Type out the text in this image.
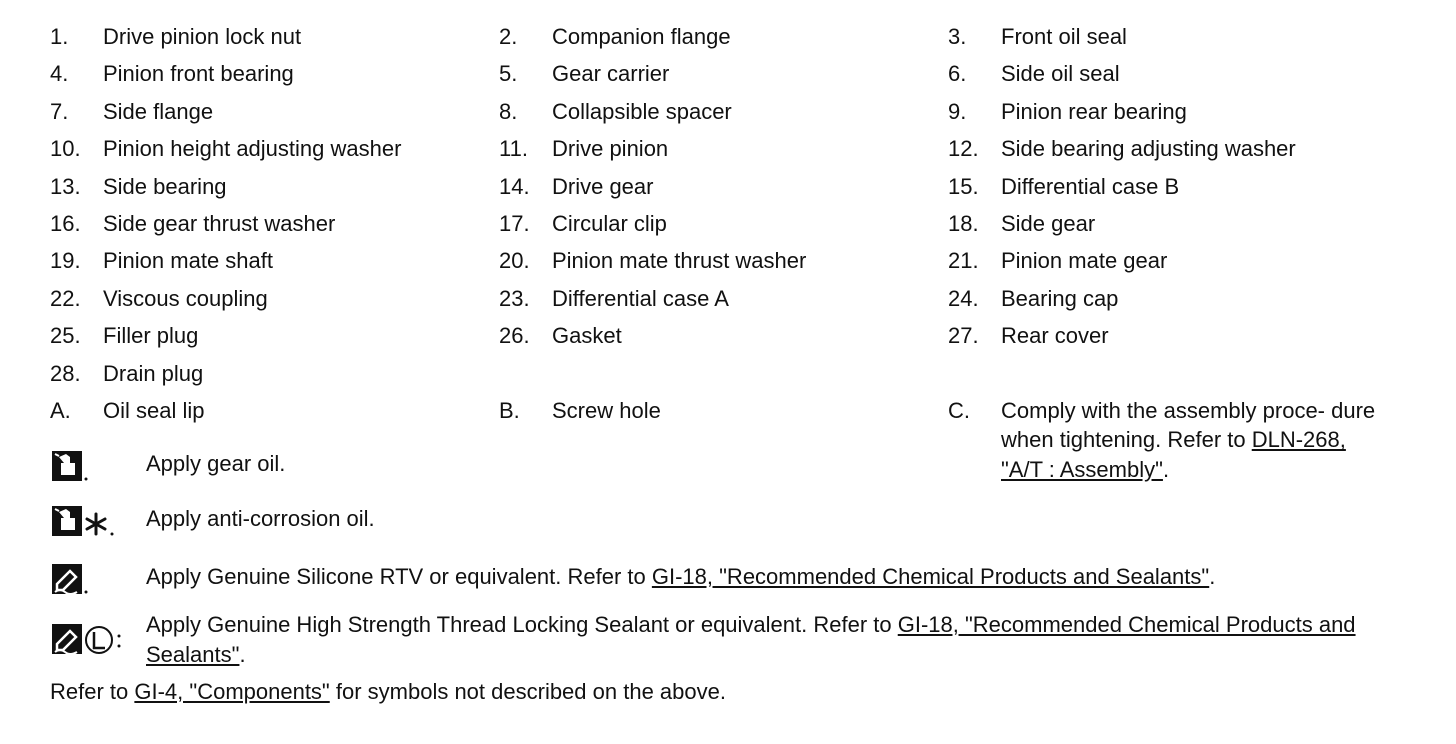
1. Drive pinion lock nut	2. Companion flange	3. Front oil seal
4. Pinion front bearing	5. Gear carrier	6. Side oil seal
7. Side flange	8. Collapsible spacer	9. Pinion rear bearing
10. Pinion height adjusting washer	11. Drive pinion	12. Side bearing adjusting washer
13. Side bearing	14. Drive gear	15. Differential case B
16. Side gear thrust washer	17. Circular clip	18. Side gear
19. Pinion mate shaft	20. Pinion mate thrust washer	21. Pinion mate gear
22. Viscous coupling	23. Differential case A	24. Bearing cap
25. Filler plug	26. Gasket	27. Rear cover
28. Drain plug
A. Oil seal lip	B. Screw hole	C. Comply with the assembly proce- dure when tightening. Refer to DLN-268, "A/T : Assembly".
Apply gear oil.
Apply anti-corrosion oil.
Apply Genuine Silicone RTV or equivalent. Refer to GI-18, "Recommended Chemical Products and Sealants".
Apply Genuine High Strength Thread Locking Sealant or equivalent. Refer to GI-18, "Recommended Chemical Products and Sealants".
Refer to GI-4, "Components" for symbols not described on the above.
